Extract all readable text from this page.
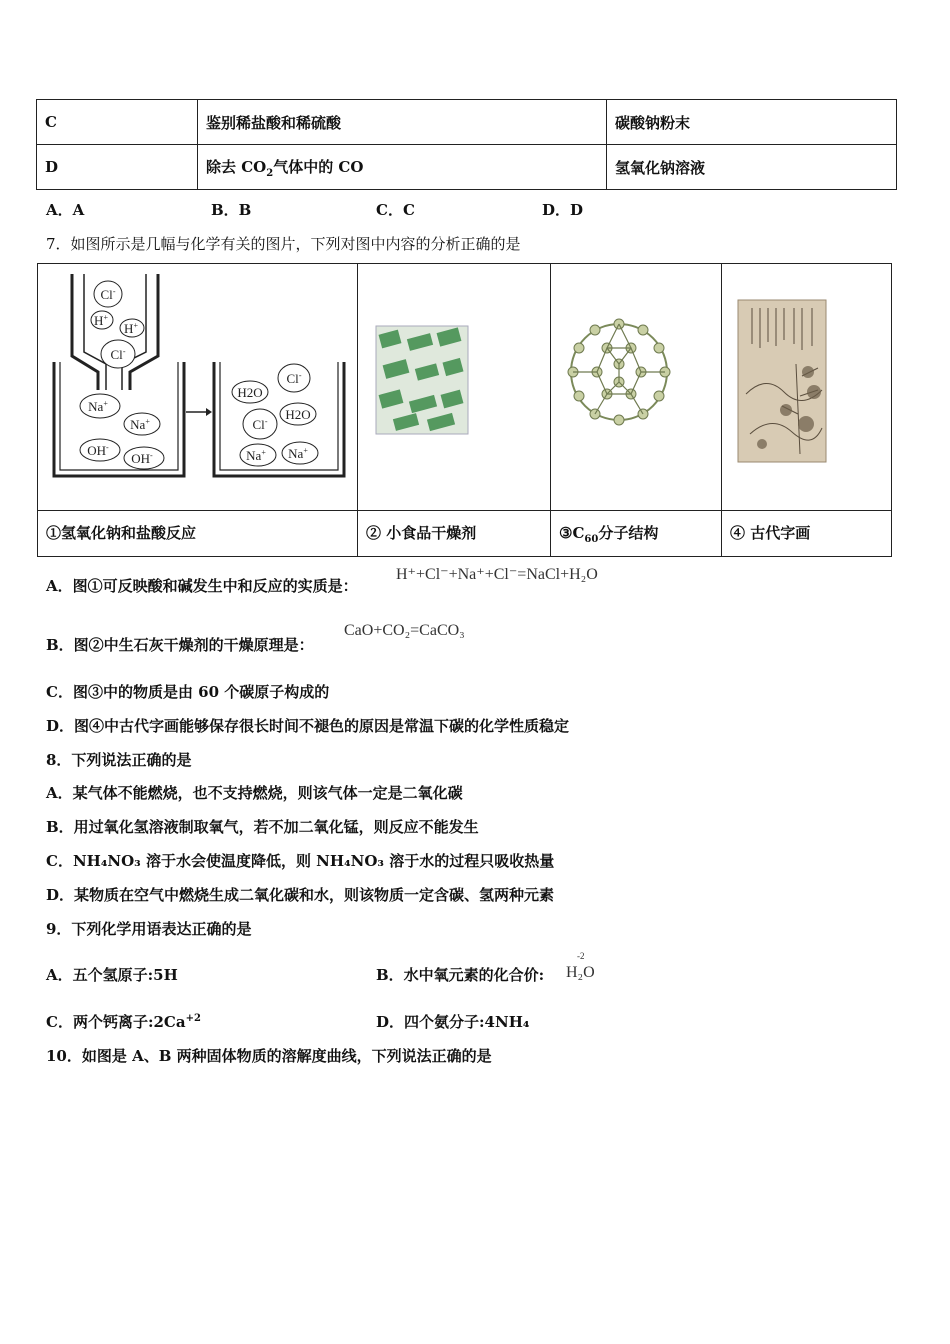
C	鉴别稀盐酸和稀硫酸	碳酸钠粉末
D	除去 $CO_2$气体中的 CO	氢氧化钠溶液
A．A	B．B	C．C	D．D
7．如图所示是几幅与化学有关的图片，下列对图中内容的分析正确的是
Cl-
H+
H+
Cl-
Na+
Na+
OH-
OH-
H2O
Cl-
H2O
Cl-
Na+ Na+
①氢氧化钠和盐酸反应	② 小食品干燥剂	$③C_{60}$分子结构	④ 古代字画
A．图①可反映酸和碱发生中和反应的实质是：
H⁺+Cl⁻+Na⁺+Cl⁻=NaCl+H₂O
B．图②中生石灰干燥剂的干燥原理是：
CaO+CO₂=CaCO₃
C．图③中的物质是由 60 个碳原子构成的
D．图④中古代字画能够保存很长时间不褪色的原因是常温下碳的化学性质稳定
8．下列说法正确的是
A．某气体不能燃烧，也不支持燃烧，则该气体一定是二氧化碳
B．用过氧化氢溶液制取氧气，若不加二氧化锰，则反应不能发生
C．NH₄NO₃ 溶于水会使温度降低，则 NH₄NO₃ 溶于水的过程只吸收热量
D．某物质在空气中燃烧生成二氧化碳和水，则该物质一定含碳、氢两种元素
9．下列化学用语表达正确的是
A．五个氢原子:5H	B．水中氧元素的化合价: H₂O
-2
C．两个钙离子$:2Ca^{+2}$	D．四个氨分子:4NH₄
10．如图是 A、B 两种固体物质的溶解度曲线，下列说法正确的是
